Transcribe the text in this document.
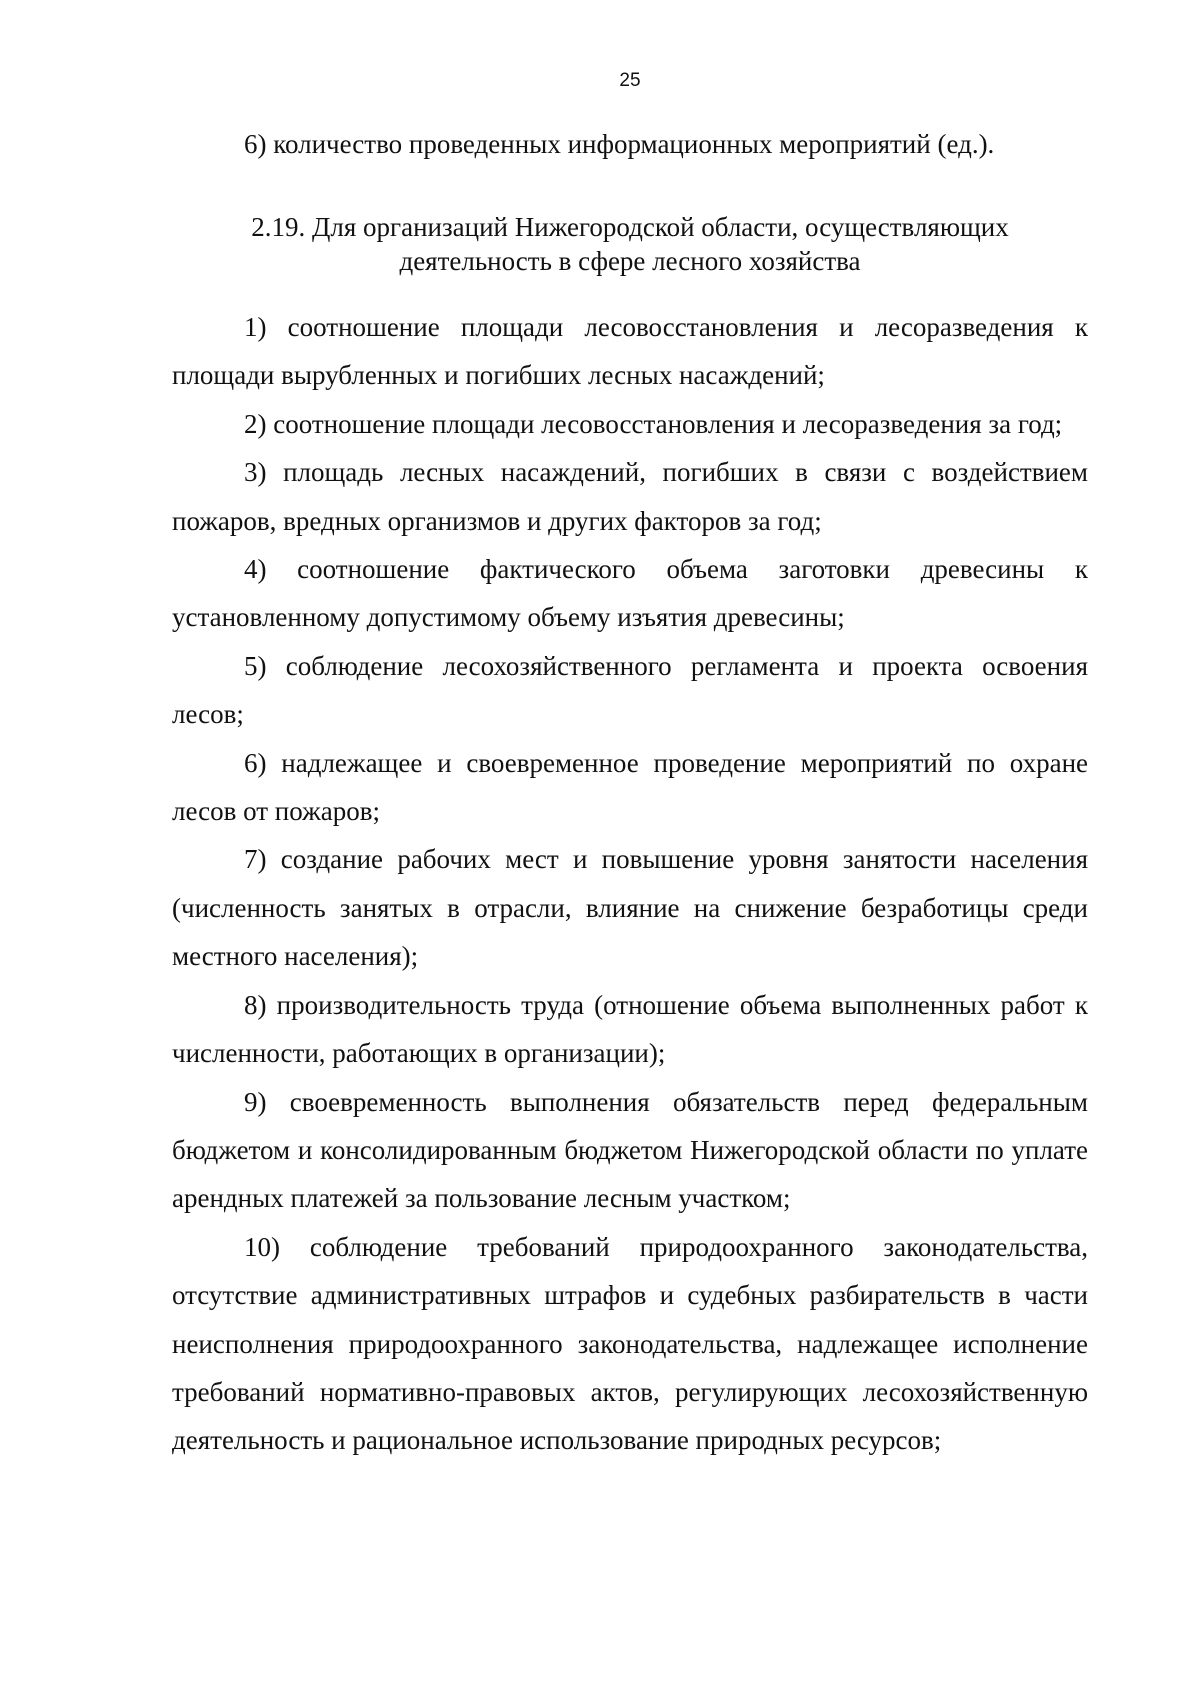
25
6) количество проведенных информационных мероприятий (ед.).
2.19. Для организаций Нижегородской области, осуществляющих
деятельность в сфере лесного хозяйства

1) соотношение площади лесовосстановления и лесоразведения к площади вырубленных и погибших лесных насаждений;

2) соотношение площади лесовосстановления и лесоразведения за год;

3) площадь лесных насаждений, погибших в связи с воздействием пожаров, вредных организмов и других факторов за год;

4) соотношение фактического объема заготовки древесины к установленному допустимому объему изъятия древесины;

5) соблюдение лесохозяйственного регламента и проекта освоения лесов;

6) надлежащее и своевременное проведение мероприятий по охране лесов от пожаров;

7) создание рабочих мест и повышение уровня занятости населения (численность занятых в отрасли, влияние на снижение безработицы среди местного населения);

8) производительность труда (отношение объема выполненных работ к численности, работающих в организации);

9) своевременность выполнения обязательств перед федеральным бюджетом и консолидированным бюджетом Нижегородской области по уплате арендных платежей за пользование лесным участком;

10) соблюдение требований природоохранного законодательства, отсутствие административных штрафов и судебных разбирательств в части неисполнения природоохранного законодательства, надлежащее исполнение требований нормативно-правовых актов, регулирующих лесохозяйственную деятельность и рациональное использование природных ресурсов;
